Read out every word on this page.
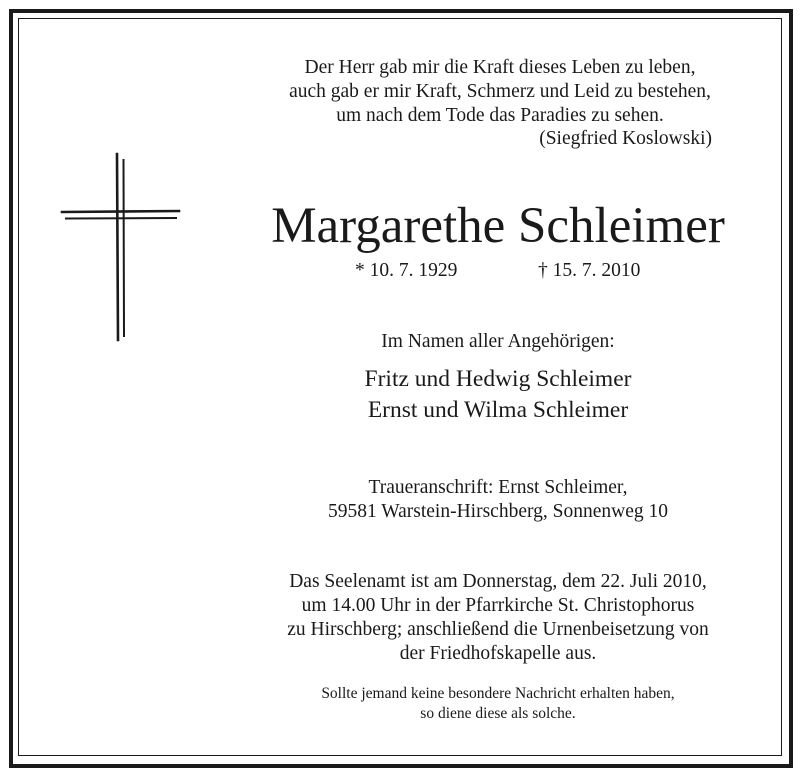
Der Herr gab mir die Kraft dieses Leben zu leben,
auch gab er mir Kraft, Schmerz und Leid zu bestehen,
um nach dem Tode das Paradies zu sehen.
(Siegfried Koslowski)
Margarethe Schleimer
* 10. 7. 1929	† 15. 7. 2010
Im Namen aller Angehörigen:
Fritz und Hedwig Schleimer
Ernst und Wilma Schleimer
Traueranschrift: Ernst Schleimer,
59581 Warstein-Hirschberg, Sonnenweg 10
Das Seelenamt ist am Donnerstag, dem 22. Juli 2010,
um 14.00 Uhr in der Pfarrkirche St. Christophorus
zu Hirschberg; anschließend die Urnenbeisetzung von
der Friedhofskapelle aus.
Sollte jemand keine besondere Nachricht erhalten haben,
so diene diese als solche.
